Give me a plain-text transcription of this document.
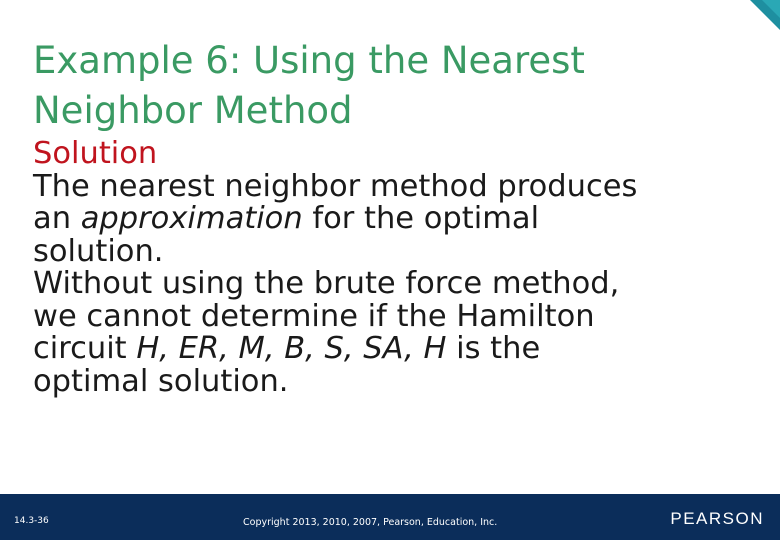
Example 6: Using the Nearest
Neighbor Method
Solution
The nearest neighbor method produces
an approximation for the optimal
solution.
Without using the brute force method,
we cannot determine if the Hamilton
circuit H, ER, M, B, S, SA, H is the
optimal solution.
14.3-36	Copyright 2013, 2010, 2007, Pearson, Education, Inc.	PEARSON
